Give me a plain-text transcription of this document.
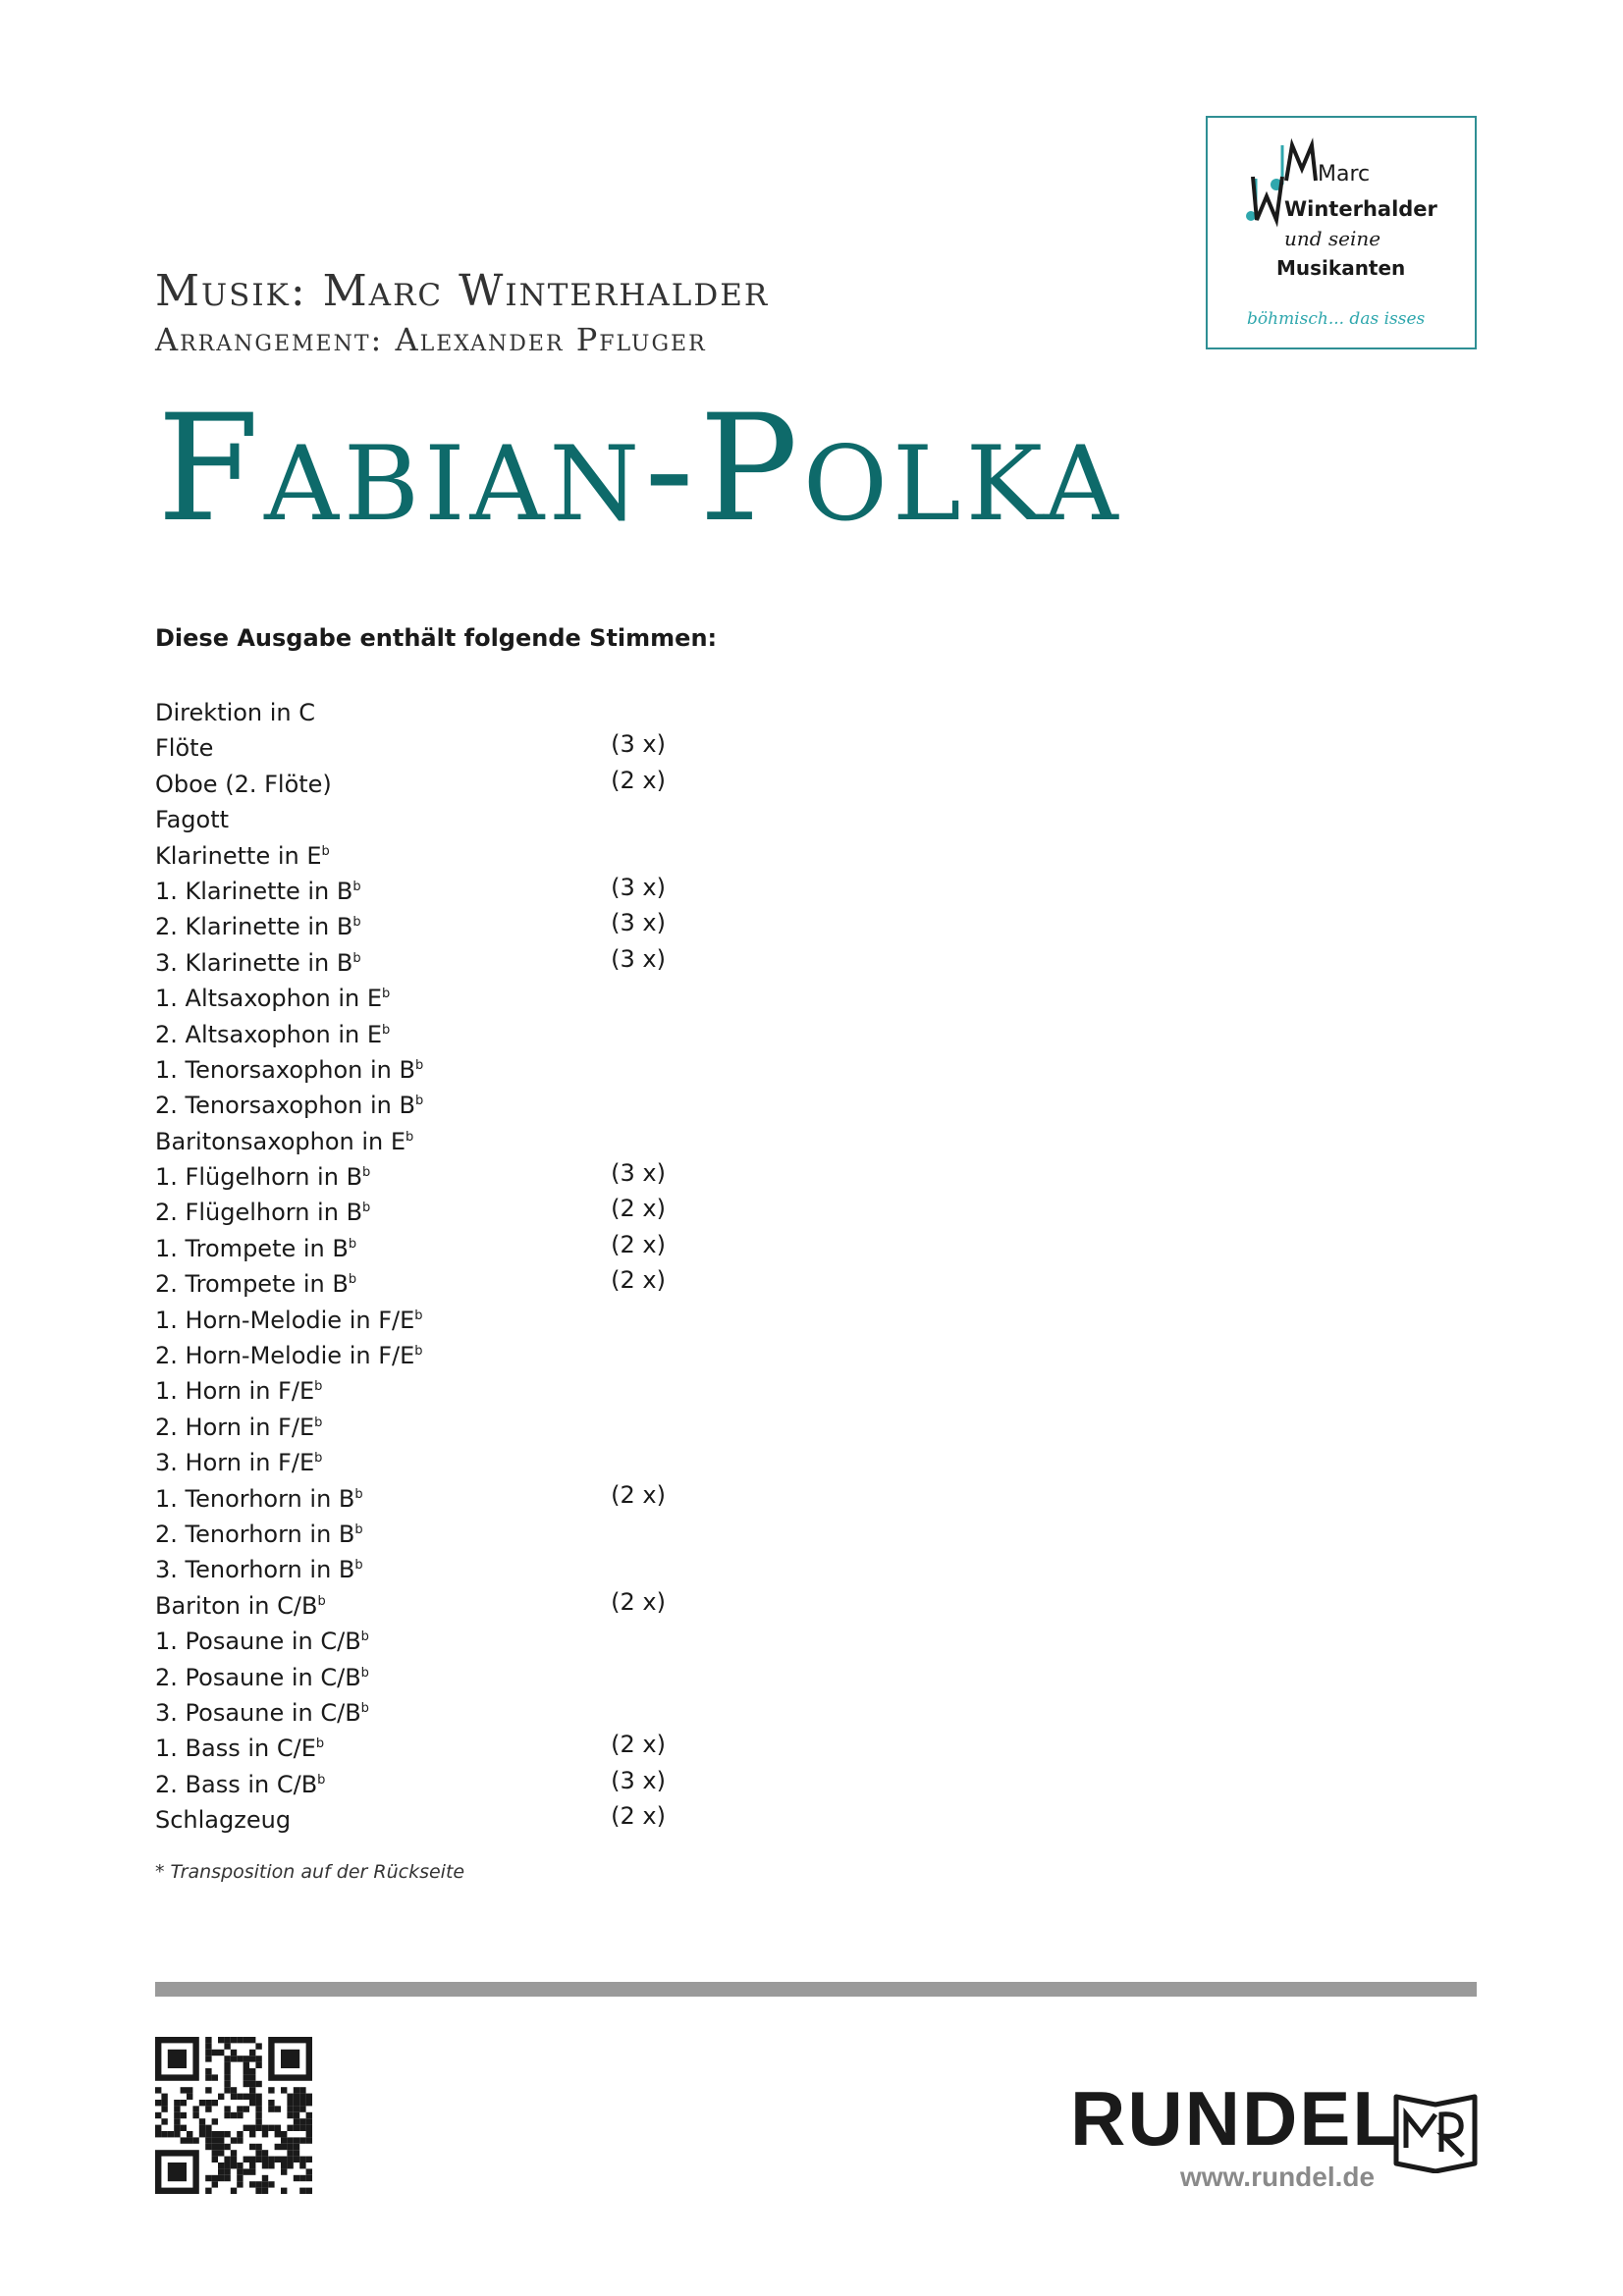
Musik: Marc Winterhalder
Arrangement: Alexander Pfluger
Fabian-Polka
Marc
Winterhalder
und seine
Musikanten
böhmisch... das isses
Diese Ausgabe enthält folgende Stimmen:
Direktion in C
Flöte	(3 x)
Oboe (2. Flöte)	(2 x)
Fagott
Klarinette in $E^b$
1. Klarinette in $B^b$	(3 x)
2. Klarinette in $B^b$	(3 x)
3. Klarinette in $B^b$	(3 x)
1. Altsaxophon in $E^b$
2. Altsaxophon in $E^b$
1. Tenorsaxophon in $B^b$
2. Tenorsaxophon in $B^b$
Baritonsaxophon in $E^b$
1. Flügelhorn in $B^b$	(3 x)
2. Flügelhorn in $B^b$	(2 x)
1. Trompete in $B^b$	(2 x)
2. Trompete in $B^b$	(2 x)
1. Horn-Melodie in $F/E^b$
2. Horn-Melodie in $F/E^b$
1. Horn in $F/E^b$
2. Horn in $F/E^b$
3. Horn in $F/E^b$
1. Tenorhorn in $B^b$	(2 x)
2. Tenorhorn in $B^b$
3. Tenorhorn in $B^b$
Bariton in $C/B^b$	(2 x)
1. Posaune in $C/B^b$
2. Posaune in $C/B^b$
3. Posaune in $C/B^b$
1. Bass in $C/E^b$	(2 x)
2. Bass in $C/B^b$	(3 x)
Schlagzeug	(2 x)
* Transposition auf der Rückseite
RUNDEL
www.rundel.de
